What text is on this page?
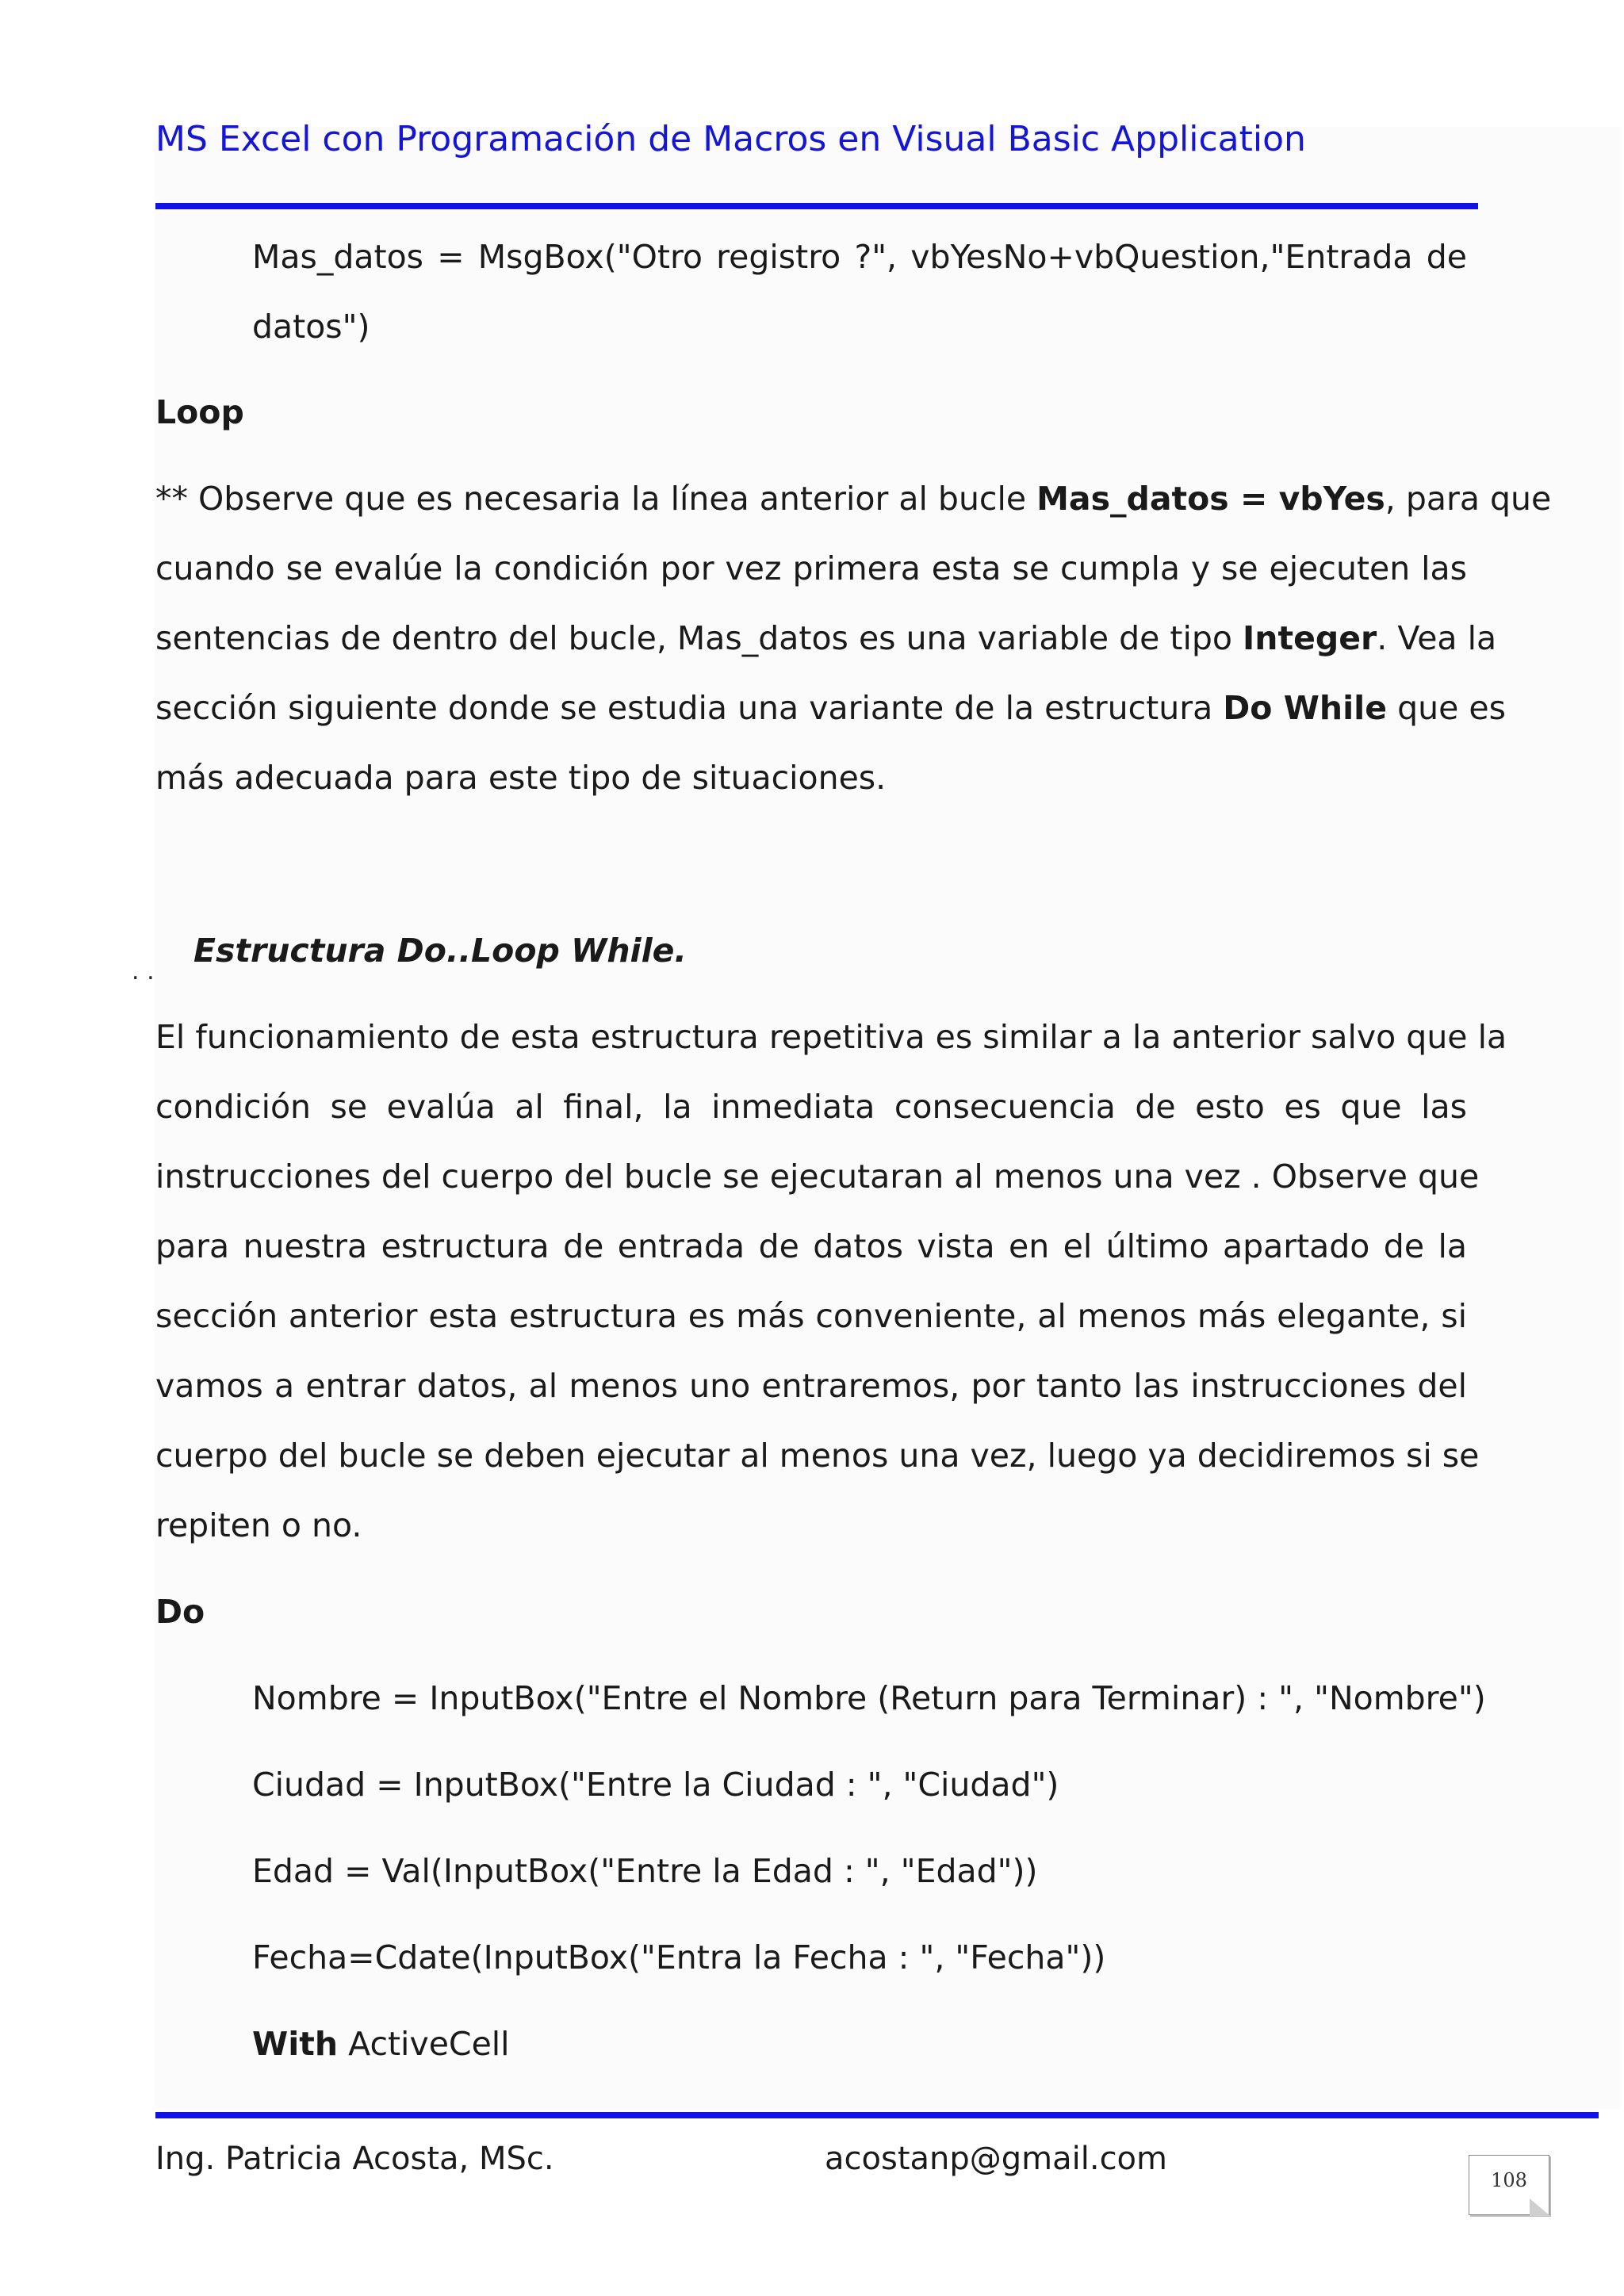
MS Excel con Programación de Macros en Visual Basic Application
Mas_datos = MsgBox("Otro registro ?", vbYesNo+vbQuestion,"Entrada de
datos")
Loop
** Observe que es necesaria la línea anterior al bucle Mas_datos = vbYes, para que
cuando se evalúe la condición por vez primera esta se cumpla y se ejecuten las
sentencias de dentro del bucle, Mas_datos es una variable de tipo Integer. Vea la
sección siguiente donde se estudia una variante de la estructura Do While que es
más adecuada para este tipo de situaciones.
. .
Estructura Do..Loop While.
El funcionamiento de esta estructura repetitiva es similar a la anterior salvo que la
condición se evalúa al final, la inmediata consecuencia de esto es que las
instrucciones del cuerpo del bucle se ejecutaran al menos una vez . Observe que
para nuestra estructura de entrada de datos vista en el último apartado de la
sección anterior esta estructura es más conveniente, al menos más elegante, si
vamos a entrar datos, al menos uno entraremos, por tanto las instrucciones del
cuerpo del bucle se deben ejecutar al menos una vez, luego ya decidiremos si se
repiten o no.
Do
Nombre = InputBox("Entre el Nombre (Return para Terminar) : ", "Nombre")
Ciudad = InputBox("Entre la Ciudad : ", "Ciudad")
Edad = Val(InputBox("Entre la Edad : ", "Edad"))
Fecha=Cdate(InputBox("Entra la Fecha : ", "Fecha"))
With ActiveCell
Ing. Patricia Acosta, MSc.	acostanp@gmail.com
108
